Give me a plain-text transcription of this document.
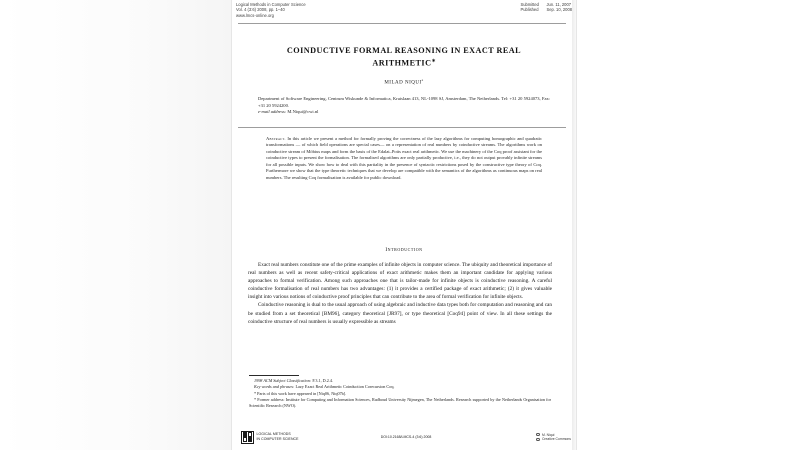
Logical Methods in Computer Science
Vol. 4 (3:6) 2008, pp. 1–40
www.lmcs-online.org
Submitted Jun. 11, 2007
Published Sep. 10, 2008
COINDUCTIVE FORMAL REASONING IN EXACT REAL
ARITHMETIC∗
MILAD NIQUI$^a$
Department of Software Engineering, Centrum Wiskunde & Informatica, Kruislaan 413, NL-1098 SJ, Amsterdam, The Netherlands. Tel: +31 20 5924073, Fax: +31 20 5924200.
e-mail address: M.Niqui@cwi.nl
Abstract. In this article we present a method for formally proving the correctness of the lazy algorithms for computing homographic and quadratic transformations — of which field operations are special cases— on a representation of real numbers by coinductive streams. The algorithms work on coinductive stream of Möbius maps and form the basis of the Edalat–Potts exact real arithmetic. We use the machinery of the Coq proof assistant for the coinductive types to present the formalisation. The formalised algorithms are only partially productive, i.e., they do not output provably infinite streams for all possible inputs. We show how to deal with this partiality in the presence of syntactic restrictions posed by the constructive type theory of Coq. Furthermore we show that the type theoretic techniques that we develop are compatible with the semantics of the algorithms as continuous maps on real numbers. The resulting Coq formalisation is available for public download.
Introduction

Exact real numbers constitute one of the prime examples of infinite objects in computer science. The ubiquity and theoretical importance of real numbers as well as recent safety-critical applications of exact arithmetic makes them an important candidate for applying various approaches to formal verification. Among such approaches one that is tailor-made for infinite objects is coinductive reasoning. A careful coinductive formalisation of real numbers has two advantages: (1) it provides a certified package of exact arithmetic; (2) it gives valuable insight into various notions of coinductive proof principles that can contribute to the area of formal verification for infinite objects.

Coinductive reasoning is dual to the usual approach of using algebraic and inductive data types both for computation and reasoning and can be studied from a set theoretical [BM96], category theoretical [JR97], or type theoretical [Coq94] point of view. In all these settings the coinductive structure of real numbers is usually expressible as streams

1998 ACM Subject Classification: F.3.1, D.2.4.

Key words and phrases: Lazy Exact Real Arithmetic Coinduction Corecursion Coq.

* Parts of this work have appeared in [Niq06, Niq07b].

* Former address: Institute for Computing and Information Sciences, Radboud University Nijmegen, The Netherlands. Research supported by the Netherlands Organisation for Scientific Research (NWO).

LOGICAL METHODS
IN COMPUTER SCIENCE	DOI:10.2168/LMCS-4 (3:6) 2008
M. Niqui
Creative Commons
